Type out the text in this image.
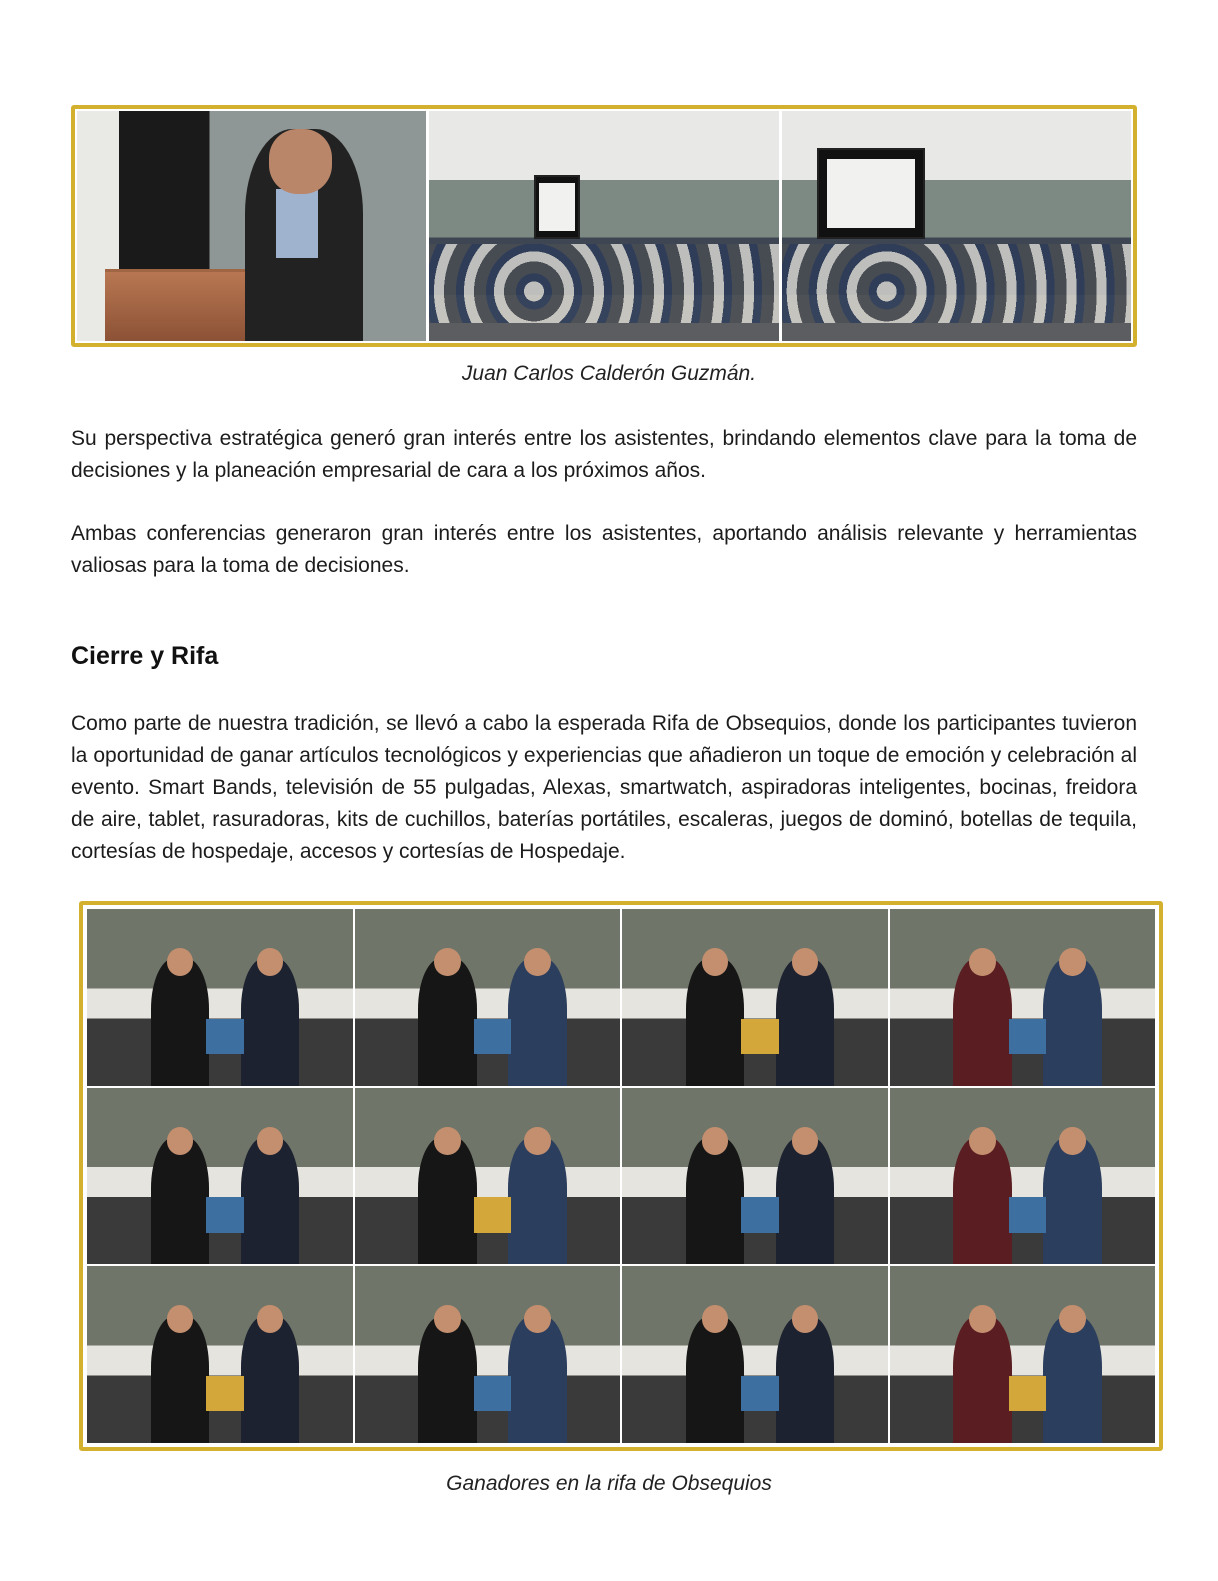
Juan Carlos Calderón Guzmán.

Su perspectiva estratégica generó gran interés entre los asistentes, brindando elementos clave para la toma de decisiones y la planeación empresarial de cara a los próximos años.

Ambas conferencias generaron gran interés entre los asistentes, aportando análisis relevante y herramientas valiosas para la toma de decisiones.

Cierre y Rifa

Como parte de nuestra tradición, se llevó a cabo la esperada Rifa de Obsequios, donde los participantes tuvieron la oportunidad de ganar artículos tecnológicos y experiencias que añadieron un toque de emoción y celebración al evento. Smart Bands, televisión de 55 pulgadas, Alexas, smartwatch, aspiradoras inteligentes, bocinas, freidora de aire, tablet, rasuradoras, kits de cuchillos, baterías portátiles, escaleras, juegos de dominó, botellas de tequila, cortesías de hospedaje, accesos y cortesías de Hospedaje.

Ganadores en la rifa de Obsequios
